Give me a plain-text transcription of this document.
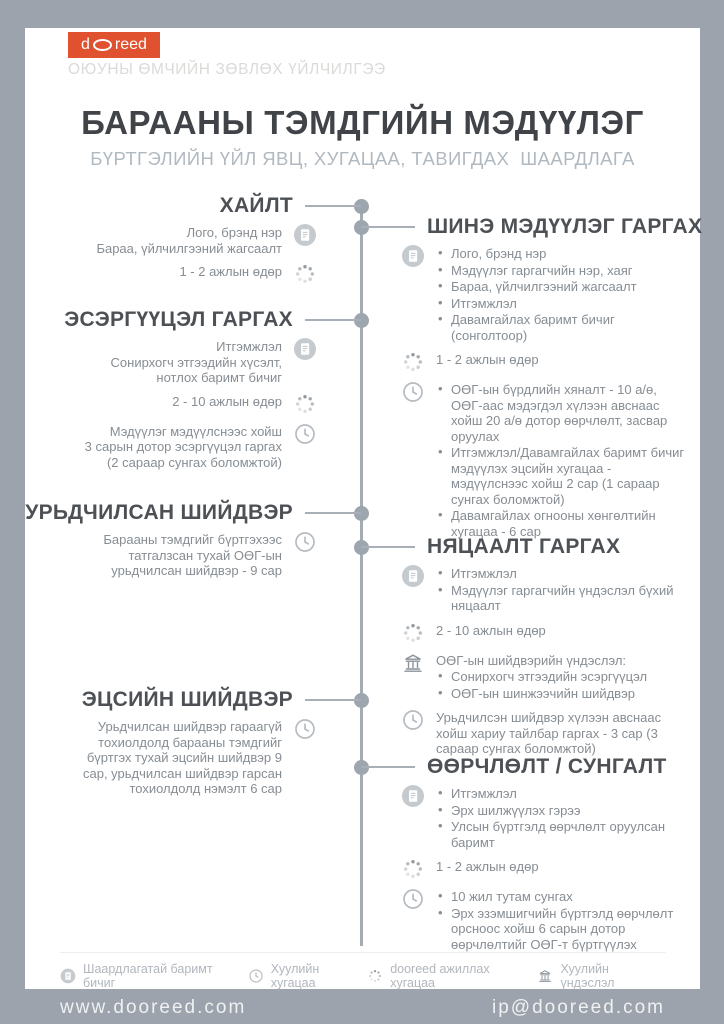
d reed
ОЮУНЫ ӨМЧИЙН ЗӨВЛӨХ ҮЙЛЧИЛГЭЭ
БАРААНЫ ТЭМДГИЙН МЭДҮҮЛЭГ
БҮРТГЭЛИЙН ҮЙЛ ЯВЦ, ХУГАЦАА, ТАВИГДАХ  ШААРДЛАГА
ХАЙЛТ
Лого, брэнд нэр
Бараа, үйлчилгээний жагсаалт
1 - 2 ажлын өдөр
ЭСЭРГҮҮЦЭЛ ГАРГАХ
Итгэмжлэл
Сонирхогч этгээдийн хүсэлт,
нотлох баримт бичиг
2 - 10 ажлын өдөр
Мэдүүлэг мэдүүлснээс хойш
3 сарын дотор эсэргүүцэл гаргах
(2 сараар сунгах боломжтой)
УРЬДЧИЛСАН ШИЙДВЭР
Барааны тэмдгийг бүртгэхээс
татгалзсан тухай ОӨГ-ын
урьдчилсан шийдвэр - 9 сар
ЭЦСИЙН ШИЙДВЭР
Урьдчилсан шийдвэр гараагүй
тохиолдолд барааны тэмдгийг
бүртгэх тухай эцсийн шийдвэр 9
сар, урьдчилсан шийдвэр гарсан
тохиолдолд нэмэлт 6 сар
ШИНЭ МЭДҮҮЛЭГ ГАРГАХ
• Лого, брэнд нэр
• Мэдүүлэг гаргагчийн нэр, хаяг
• Бараа, үйлчилгээний жагсаалт
• Итгэмжлэл
• Давамгайлах баримт бичиг (сонголтоор)
1 - 2 ажлын өдөр
• ОӨГ-ын бүрдлийн хяналт - 10 а/ө, ОӨГ-аас мэдэгдэл хүлээн авснаас хойш 20 а/ө дотор өөрчлөлт, засвар оруулах
• Итгэмжлэл/Давамгайлах баримт бичиг мэдүүлэх эцсийн хугацаа - мэдүүлснээс хойш 2 сар (1 сараар сунгах боломжтой)
• Давамгайлах огнооны хөнгөлтийн хугацаа - 6 сар
НЯЦААЛТ ГАРГАХ
• Итгэмжлэл
• Мэдүүлэг гаргагчийн үндэслэл бүхий няцаалт
2 - 10 ажлын өдөр
ОӨГ-ын шийдвэрийн үндэслэл:
• Сонирхогч этгээдийн эсэргүүцэл
• ОӨГ-ын шинжээчийн шийдвэр
Урьдчилсэн шийдвэр хүлээн авснаас хойш хариу тайлбар гаргах - 3 сар (3 сараар сунгах боломжтой)
ӨӨРЧЛӨЛТ / СУНГАЛТ
• Итгэмжлэл
• Эрх шилжүүлэх гэрээ
• Улсын бүртгэлд өөрчлөлт оруулсан баримт
1 - 2 ажлын өдөр
• 10 жил тутам сунгах
• Эрх эзэмшигчийн бүртгэлд өөрчлөлт орсноос хойш 6 сарын дотор өөрчлөлтийг ОӨГ-т бүртгүүлэх
Шаардлагатай баримт бичиг
Хуулийн хугацаа
dooreed ажиллах хугацаа
Хуулийн үндэслэл
www.dooreed.com	ip@dooreed.com
